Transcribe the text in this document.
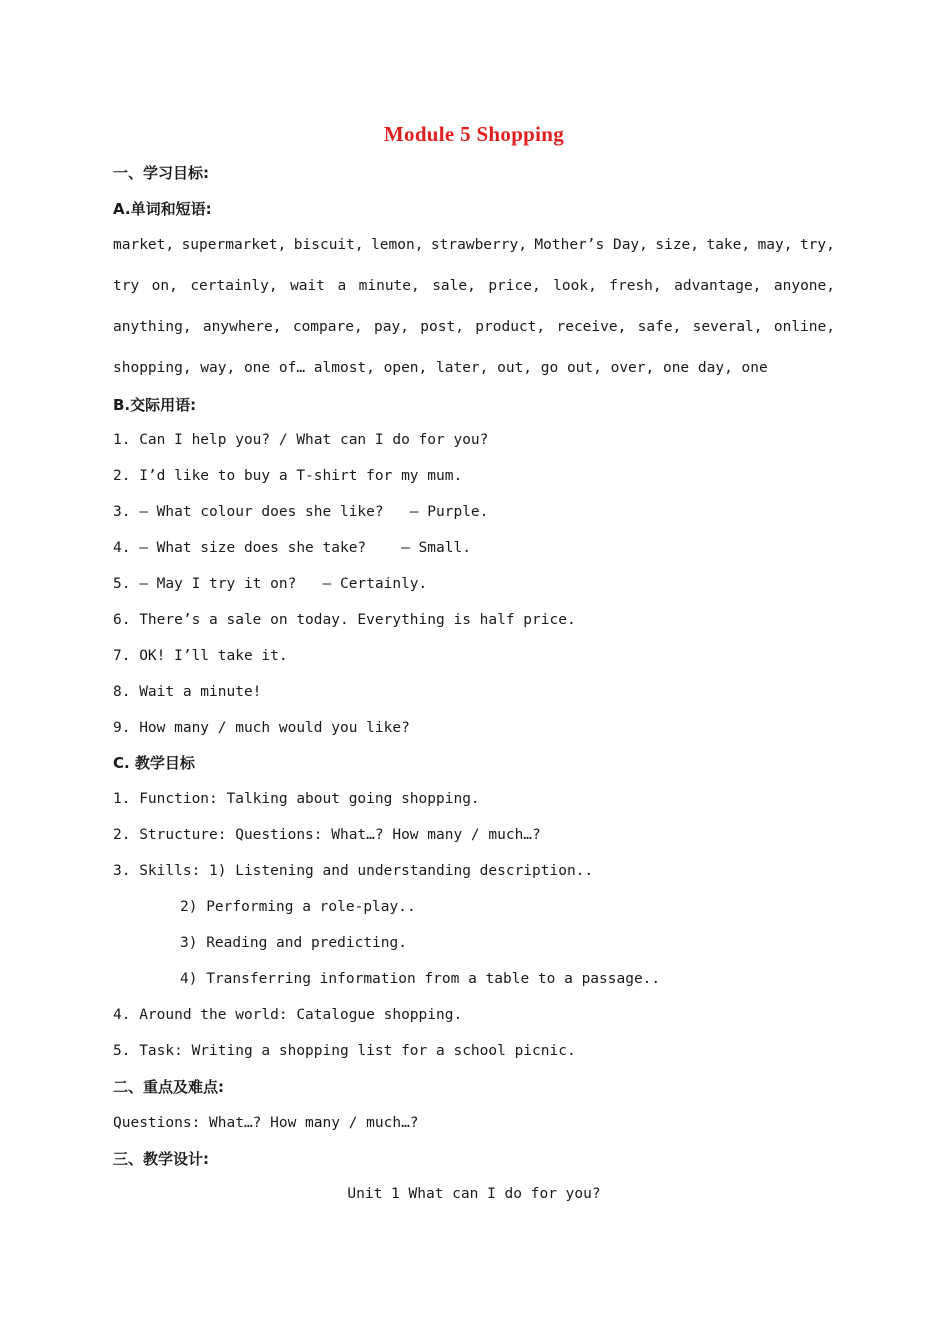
Module 5 Shopping
一、学习目标:
A.单词和短语:
market, supermarket, biscuit, lemon, strawberry, Mother’s Day, size, take, may, try,
try on, certainly, wait a minute, sale, price, look, fresh, advantage, anyone,
anything, anywhere, compare, pay, post, product, receive, safe, several, online,
shopping, way, one of… almost, open, later, out, go out, over, one day, one
B.交际用语:
1. Can I help you? / What can I do for you?
2. I’d like to buy a T-shirt for my mum.
3. — What colour does she like?   — Purple.
4. — What size does she take?    — Small.
5. — May I try it on?   — Certainly.
6. There’s a sale on today. Everything is half price.
7. OK! I’ll take it.
8. Wait a minute!
9. How many / much would you like?
C. 教学目标
1. Function: Talking about going shopping.
2. Structure: Questions: What…? How many / much…?
3. Skills: 1) Listening and understanding description..
2) Performing a role-play..
3) Reading and predicting.
4) Transferring information from a table to a passage..
4. Around the world: Catalogue shopping.
5. Task: Writing a shopping list for a school picnic.
二、重点及难点:
Questions: What…? How many / much…?
三、教学设计:
Unit 1 What can I do for you?
